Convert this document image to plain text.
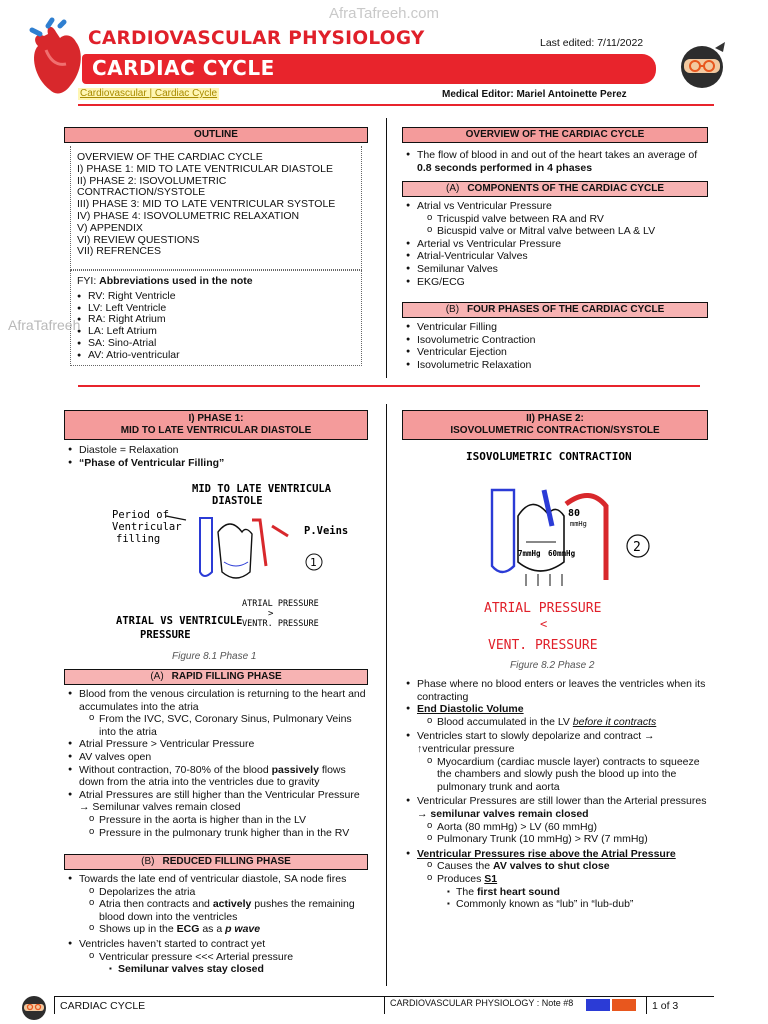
AfraTafreeh.com
CARDIOVASCULAR PHYSIOLOGY
CARDIAC CYCLE
Last edited: 7/11/2022
Cardiovascular | Cardiac Cycle	Medical Editor: Mariel Antoinette Perez
OUTLINE
OVERVIEW OF THE CARDIAC CYCLE
I) PHASE 1: MID TO LATE VENTRICULAR DIASTOLE
II) PHASE 2: ISOVOLUMETRIC
CONTRACTION/SYSTOLE
III) PHASE 3: MID TO LATE VENTRICULAR SYSTOLE
IV) PHASE 4: ISOVOLUMETRIC RELAXATION
V) APPENDIX
VI) REVIEW QUESTIONS
VII) REFRENCES
FYI: Abbreviations used in the note
● RV: Right Ventricle
● LV: Left Ventricle
● RA: Right Atrium
● LA: Left Atrium
● SA: Sino-Atrial
● AV: Atrio-ventricular
AfraTafreeh
OVERVIEW OF THE CARDIAC CYCLE
● The flow of blood in and out of the heart takes an average of 0.8 seconds performed in 4 phases
(A) COMPONENTS OF THE CARDIAC CYCLE
● Atrial vs Ventricular Pressure
o Tricuspid valve between RA and RV
o Bicuspid valve or Mitral valve between LA & LV
● Arterial vs Ventricular Pressure
● Atrial-Ventricular Valves
● Semilunar Valves
● EKG/ECG
(B) FOUR PHASES OF THE CARDIAC CYCLE
● Ventricular Filling
● Isovolumetric Contraction
● Ventricular Ejection
● Isovolumetric Relaxation
I) PHASE 1:
MID TO LATE VENTRICULAR DIASTOLE
● Diastole = Relaxation
● “Phase of Ventricular Filling”
MID TO LATE VENTRICULA
DIASTOLE
Period of
Ventricular
filling
P.Veins
1
ATRIAL VS VENTRICULE
PRESSURE
ATRIAL PRESSURE
>
VENTR. PRESSURE
Figure 8.1 Phase 1
(A) RAPID FILLING PHASE
● Blood from the venous circulation is returning to the heart and accumulates into the atria
o From the IVC, SVC, Coronary Sinus, Pulmonary Veins into the atria
● Atrial Pressure > Ventricular Pressure
● AV valves open
● Without contraction, 70-80% of the blood passively flows down from the atria into the ventricles due to gravity
● Atrial Pressures are still higher than the Ventricular Pressure → Semilunar valves remain closed
o Pressure in the aorta is higher than in the LV
o Pressure in the pulmonary trunk higher than in the RV
(B) REDUCED FILLING PHASE
● Towards the late end of ventricular diastole, SA node fires
o Depolarizes the atria
o Atria then contracts and actively pushes the remaining blood down into the ventricles
o Shows up in the ECG as a p wave
● Ventricles haven’t started to contract yet
o Ventricular pressure <<< Arterial pressure
▪ Semilunar valves stay closed
II) PHASE 2:
ISOVOLUMETRIC CONTRACTION/SYSTOLE
ISOVOLUMETRIC CONTRACTION
80
mmHg
7mmHg 60mmHg	2
ATRIAL PRESSURE
<
VENT. PRESSURE
Figure 8.2 Phase 2
● Phase where no blood enters or leaves the ventricles when its contracting
● End Diastolic Volume
o Blood accumulated in the LV before it contracts
● Ventricles start to slowly depolarize and contract → ↑ventricular pressure
o Myocardium (cardiac muscle layer) contracts to squeeze the chambers and slowly push the blood up into the pulmonary trunk and aorta
● Ventricular Pressures are still lower than the Arterial pressures → semilunar valves remain closed
o Aorta (80 mmHg) > LV (60 mmHg)
o Pulmonary Trunk (10 mmHg) > RV (7 mmHg)
● Ventricular Pressures rise above the Atrial Pressure
o Causes the AV valves to shut close
o Produces S1
▪ The first heart sound
▪ Commonly known as “lub” in “lub-dub”
CARDIAC CYCLE	CARDIOVASCULAR PHYSIOLOGY : Note #8	1 of 3
